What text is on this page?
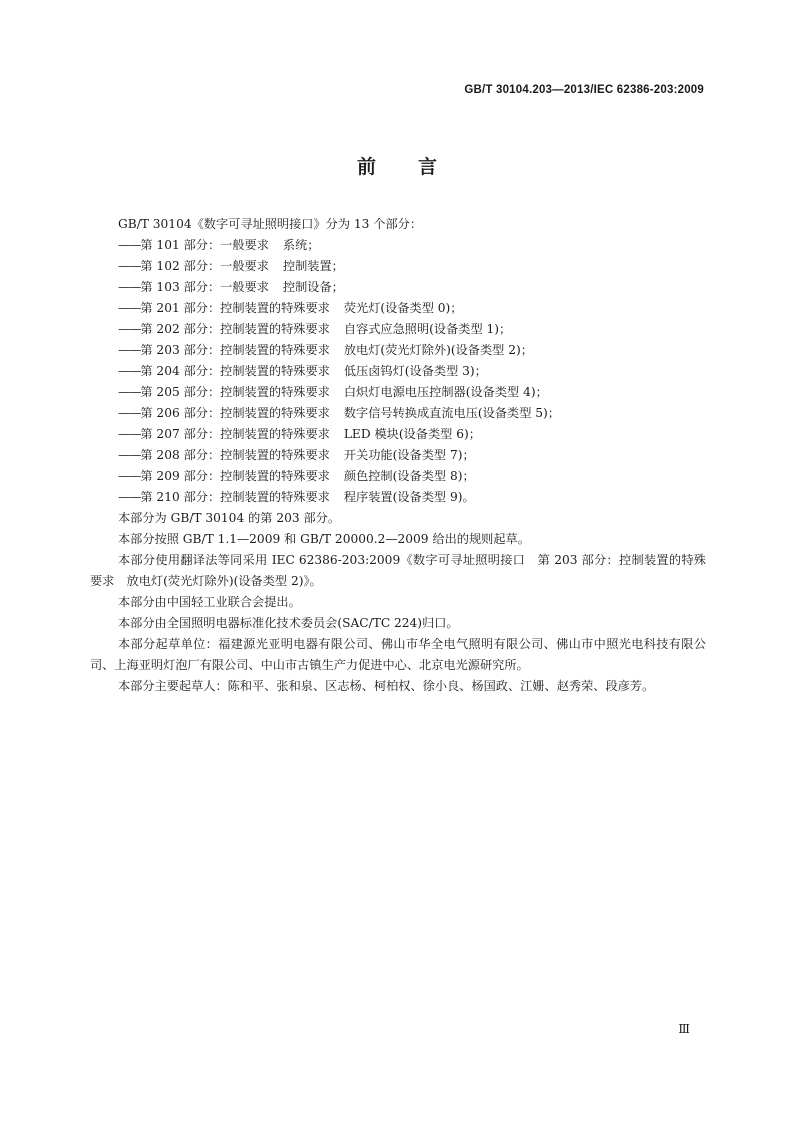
GB/T 30104.203—2013/IEC 62386-203:2009
前言

GB/T 30104《数字可寻址照明接口》分为 13 个部分：

——第 101 部分：一般要求 系统；
——第 102 部分：一般要求 控制装置；
——第 103 部分：一般要求 控制设备；
——第 201 部分：控制装置的特殊要求 荧光灯(设备类型 0)；
——第 202 部分：控制装置的特殊要求 自容式应急照明(设备类型 1)；
——第 203 部分：控制装置的特殊要求 放电灯(荧光灯除外)(设备类型 2)；
——第 204 部分：控制装置的特殊要求 低压卤钨灯(设备类型 3)；
——第 205 部分：控制装置的特殊要求 白炽灯电源电压控制器(设备类型 4)；
——第 206 部分：控制装置的特殊要求 数字信号转换成直流电压(设备类型 5)；
——第 207 部分：控制装置的特殊要求 LED 模块(设备类型 6)；
——第 208 部分：控制装置的特殊要求 开关功能(设备类型 7)；
——第 209 部分：控制装置的特殊要求 颜色控制(设备类型 8)；
——第 210 部分：控制装置的特殊要求 程序装置(设备类型 9)。

本部分为 GB/T 30104 的第 203 部分。

本部分按照 GB/T 1.1—2009 和 GB/T 20000.2—2009 给出的规则起草。

本部分使用翻译法等同采用 IEC 62386-203:2009《数字可寻址照明接口　第 203 部分：控制装置的特殊要求　放电灯(荧光灯除外)(设备类型 2)》。

本部分由中国轻工业联合会提出。

本部分由全国照明电器标准化技术委员会(SAC/TC 224)归口。

本部分起草单位：福建源光亚明电器有限公司、佛山市华全电气照明有限公司、佛山市中照光电科技有限公司、上海亚明灯泡厂有限公司、中山市古镇生产力促进中心、北京电光源研究所。

本部分主要起草人：陈和平、张和泉、区志杨、柯柏权、徐小良、杨国政、江姗、赵秀荣、段彦芳。

Ⅲ
